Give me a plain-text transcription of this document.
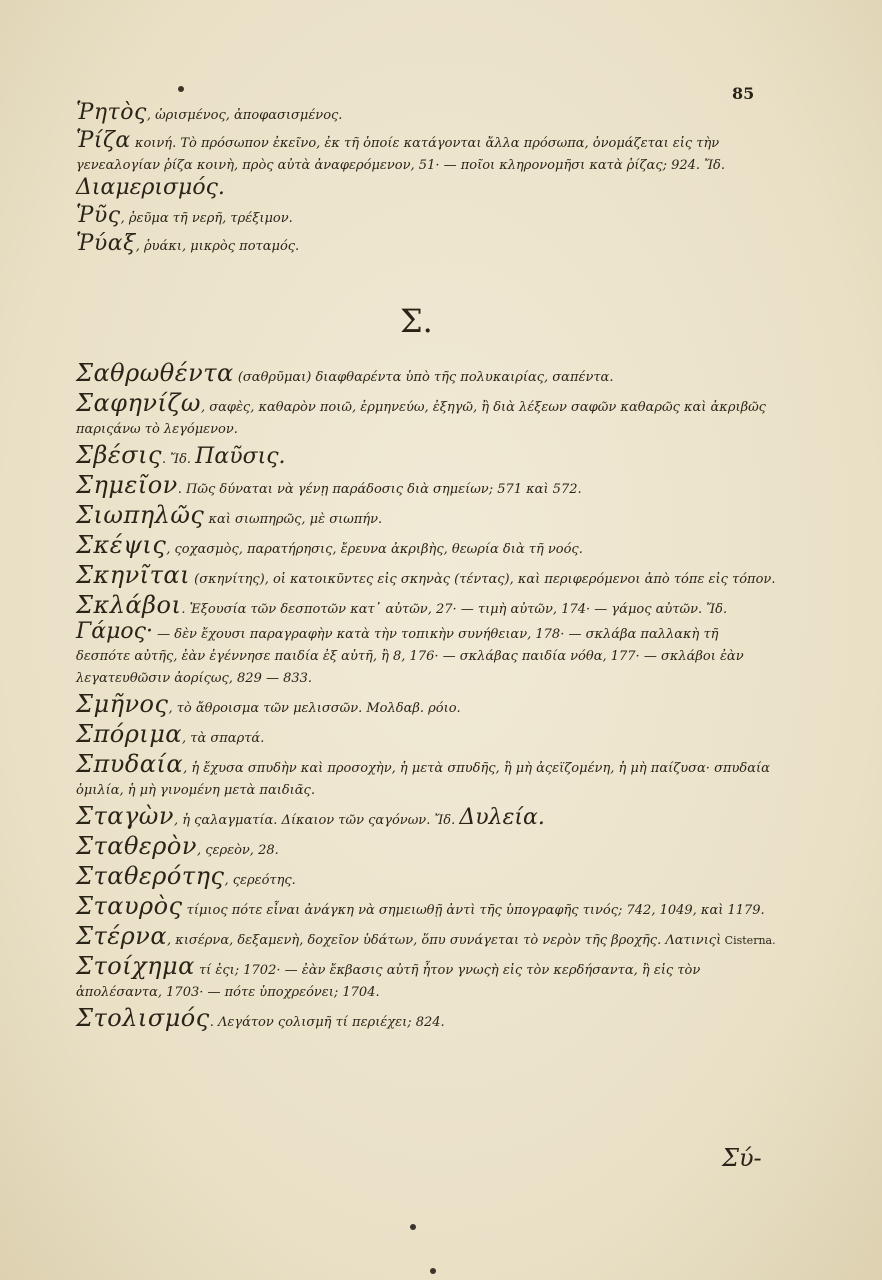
85
Ῥητὸς, ὡρισμένος, ἀποφασισμένος.
Ῥίζα κοινή. Τὸ πρόσωπον ἐκεῖνο, ἐκ τῆ ὁποίε κατάγονται ἄλλα πρόσωπα, ὀνομάζεται εἰς τὴν γενεαλογίαν ῥίζα κοινὴ, πρὸς αὐτὰ ἀναφερόμενον, 51· — ποῖοι κληρονομῆσι κατὰ ῥίζας; 924. Ἴδ. Διαμερισμός.
Ῥῦς, ῥεῦμα τῆ νερῆ, τρέξιμον.
Ῥύαξ, ῥυάκι, μικρὸς ποταμός.
Σ.
Σαθρωθέντα (σαθρῦμαι) διαφθαρέντα ὑπὸ τῆς πολυκαιρίας, σαπέντα.
Σαφηνίζω, σαφὲς, καθαρὸν ποιῶ, ἑρμηνεύω, ἐξηγῶ, ἢ διὰ λέξεων σαφῶν καθαρῶς καὶ ἀκριβῶς παριςάνω τὸ λεγόμενον.
Σβέσις. Ἴδ. Παῦσις.
Σημεῖον. Πῶς δύναται νὰ γένῃ παράδοσις διὰ σημείων; 571 καὶ 572.
Σιωπηλῶς καὶ σιωπηρῶς, μὲ σιωπήν.
Σκέψις, ςοχασμὸς, παρατήρησις, ἔρευνα ἀκριβὴς, θεωρία διὰ τῆ νοός.
Σκηνῖται (σκηνίτης), οἱ κατοικῦντες εἰς σκηνὰς (τέντας), καὶ περιφερόμενοι ἀπὸ τόπε εἰς τόπον.
Σκλάβοι. Ἐξουσία τῶν δεσποτῶν κατ᾽ αὐτῶν, 27· — τιμὴ αὐτῶν, 174· — γάμος αὐτῶν. Ἴδ. Γάμος· — δὲν ἔχουσι παραγραφὴν κατὰ τὴν τοπικὴν συνήθειαν, 178· — σκλάβα παλλακὴ τῆ δεσπότε αὐτῆς, ἐὰν ἐγέννησε παιδία ἐξ αὐτῆ, ἢ 8, 176· — σκλάβας παιδία νόθα, 177· — σκλάβοι ἐὰν λεγατευθῶσιν ἀορίςως, 829 — 833.
Σμῆνος, τὸ ἄθροισμα τῶν μελισσῶν. Μολδαβ. ρόιο.
Σπόριμα, τὰ σπαρτά.
Σπυδαία, ἡ ἔχυσα σπυδὴν καὶ προσοχὴν, ἡ μετὰ σπυδῆς, ἢ μὴ ἀςεϊζομένη, ἡ μὴ παίζυσα· σπυδαία ὁμιλία, ἡ μὴ γινομένη μετὰ παιδιᾶς.
Σταγὼν, ἡ ςαλαγματία. Δίκαιον τῶν ςαγόνων. Ἴδ. Δυλεία.
Σταθερὸν, ςερεὸν, 28.
Σταθερότης, ςερεότης.
Σταυρὸς τίμιος πότε εἶναι ἀνάγκη νὰ σημειωθῇ ἀντὶ τῆς ὑπογραφῆς τινός; 742, 1049, καὶ 1179.
Στέρνα, κισέρνα, δεξαμενὴ, δοχεῖον ὑδάτων, ὅπυ συνάγεται τὸ νερὸν τῆς βροχῆς. Λατινιςὶ Cisterna.
Στοίχημα τί ἐςι; 1702· — ἐὰν ἔκβασις αὐτῆ ἦτον γνωςὴ εἰς τὸν κερδήσαντα, ἢ εἰς τὸν ἀπολέσαντα, 1703· — πότε ὑποχρεόνει; 1704.
Στολισμός. Λεγάτον ςολισμῆ τί περιέχει; 824.
Σύ-
